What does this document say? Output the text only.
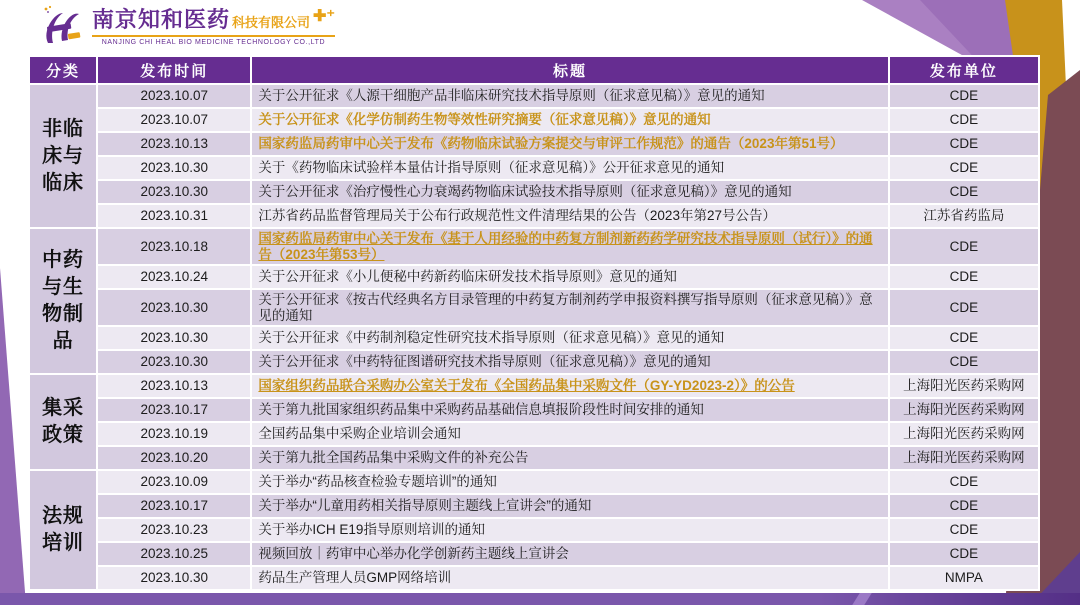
南京知和医药 科技有限公司 ✚⁺
NANJING CHI HEAL BIO MEDICINE TECHNOLOGY CO.,LTD
分类	发布时间	标题	发布单位
非临床与临床	2023.10.07	关于公开征求《人源干细胞产品非临床研究技术指导原则（征求意见稿）》意见的通知	CDE
	2023.10.07	关于公开征求《化学仿制药生物等效性研究摘要（征求意见稿）》意见的通知	CDE
	2023.10.13	国家药监局药审中心关于发布《药物临床试验方案提交与审评工作规范》的通告（2023年第51号）	CDE
	2023.10.30	关于《药物临床试验样本量估计指导原则（征求意见稿）》公开征求意见的通知	CDE
	2023.10.30	关于公开征求《治疗慢性心力衰竭药物临床试验技术指导原则（征求意见稿）》意见的通知	CDE
	2023.10.31	江苏省药品监督管理局关于公布行政规范性文件清理结果的公告（2023年第27号公告）	江苏省药监局
中药与生物制品	2023.10.18	国家药监局药审中心关于发布《基于人用经验的中药复方制剂新药药学研究技术指导原则（试行）》的通告（2023年第53号）	CDE
	2023.10.24	关于公开征求《小儿便秘中药新药临床研发技术指导原则》意见的通知	CDE
	2023.10.30	关于公开征求《按古代经典名方目录管理的中药复方制剂药学申报资料撰写指导原则（征求意见稿）》意见的通知	CDE
	2023.10.30	关于公开征求《中药制剂稳定性研究技术指导原则（征求意见稿）》意见的通知	CDE
	2023.10.30	关于公开征求《中药特征图谱研究技术指导原则（征求意见稿）》意见的通知	CDE
集采政策	2023.10.13	国家组织药品联合采购办公室关于发布《全国药品集中采购文件（GY-YD2023-2）》的公告	上海阳光医药采购网
	2023.10.17	关于第九批国家组织药品集中采购药品基础信息填报阶段性时间安排的通知	上海阳光医药采购网
	2023.10.19	全国药品集中采购企业培训会通知	上海阳光医药采购网
	2023.10.20	关于第九批全国药品集中采购文件的补充公告	上海阳光医药采购网
法规培训	2023.10.09	关于举办“药品核查检验专题培训”的通知	CDE
	2023.10.17	关于举办“儿童用药相关指导原则主题线上宣讲会”的通知	CDE
	2023.10.23	关于举办ICH E19指导原则培训的通知	CDE
	2023.10.25	视频回放｜药审中心举办化学创新药主题线上宣讲会	CDE
	2023.10.30	药品生产管理人员GMP网络培训	NMPA
